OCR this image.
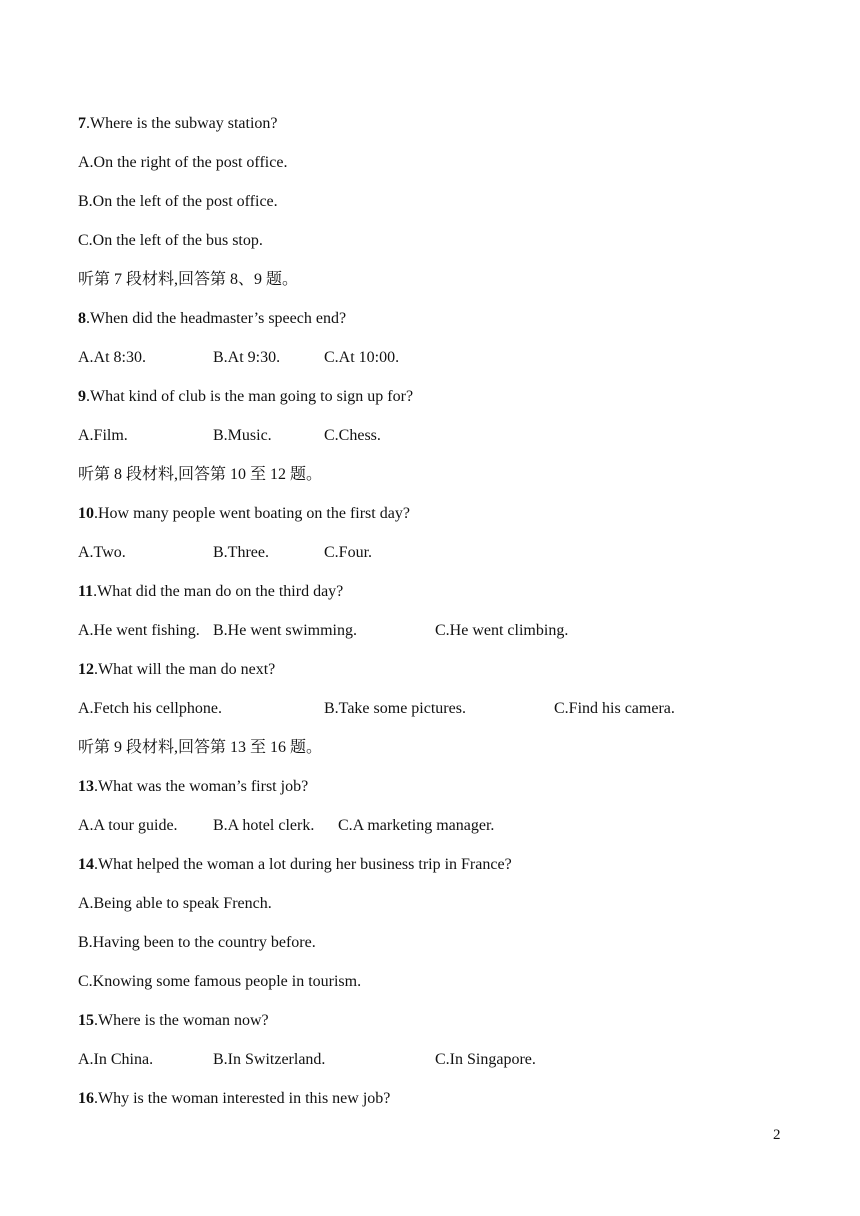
7.Where is the subway station?
A.On the right of the post office.
B.On the left of the post office.
C.On the left of the bus stop.
听第 7 段材料,回答第 8、9 题。
8.When did the headmaster’s speech end?
A.At 8:30.	B.At 9:30.	C.At 10:00.
9.What kind of club is the man going to sign up for?
A.Film.	B.Music.	C.Chess.
听第 8 段材料,回答第 10 至 12 题。
10.How many people went boating on the first day?
A.Two.	B.Three.	C.Four.
11.What did the man do on the third day?
A.He went fishing. B.He went swimming.	C.He went climbing.
12.What will the man do next?
A.Fetch his cellphone.	B.Take some pictures.	C.Find his camera.
听第 9 段材料,回答第 13 至 16 题。
13.What was the woman’s first job?
A.A tour guide. B.A hotel clerk. C.A marketing manager.
14.What helped the woman a lot during her business trip in France?
A.Being able to speak French.
B.Having been to the country before.
C.Knowing some famous people in tourism.
15.Where is the woman now?
A.In China.	B.In Switzerland.	C.In Singapore.
16.Why is the woman interested in this new job?
2
